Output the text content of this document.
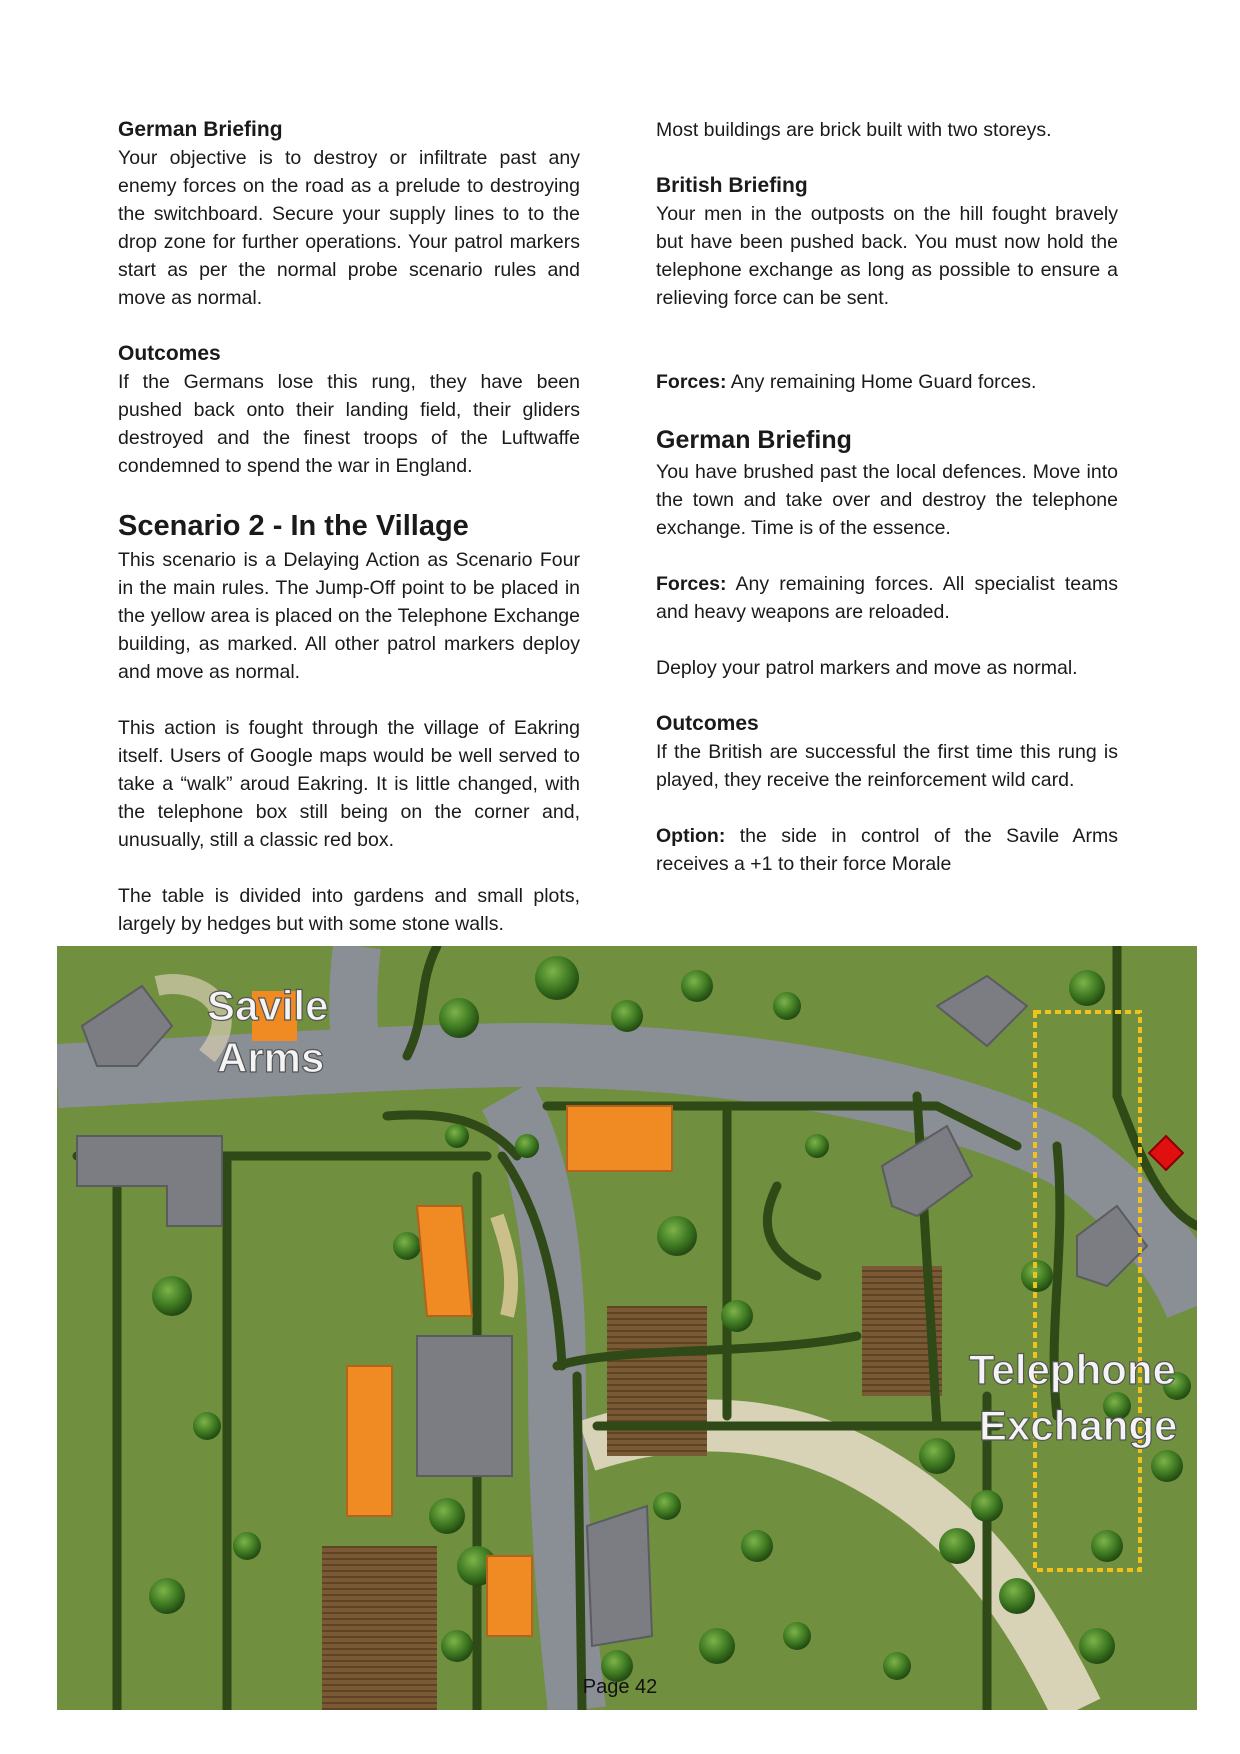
German Briefing

Your objective is to destroy or infiltrate past any enemy forces on the road as a prelude to destroying the switchboard. Secure your supply lines to to the drop zone for further operations. Your patrol markers start as per the normal probe scenario rules and move as normal.

Outcomes

If the Germans lose this rung, they have been pushed back onto their landing field, their gliders destroyed and the finest troops of the Luftwaffe condemned to spend the war in England.

Scenario 2 - In the Village

This scenario is a Delaying Action as Scenario Four in the main rules. The Jump-Off point to be placed in the yellow area is placed on the Telephone Exchange building, as marked. All other patrol markers deploy and move as normal.

This action is fought through the village of Eakring itself. Users of Google maps would be well served to take a “walk” aroud Eakring. It is little changed, with the telephone box still being on the corner and, unusually, still a classic red box.

The table is divided into gardens and small plots, largely by hedges but with some stone walls.

Most buildings are brick built with two storeys.

British Briefing

Your men in the outposts on the hill fought bravely but have been pushed back. You must now hold the telephone exchange as long as possible to ensure a relieving force can be sent.

Forces: Any remaining Home Guard forces.

German Briefing

You have brushed past the local defences. Move into the town and take over and destroy the telephone exchange. Time is of the essence.

Forces: Any remaining forces. All specialist teams and heavy weapons are reloaded.

Deploy your patrol markers and move as normal.

Outcomes

If the British are successful the first time this rung is played, they receive the reinforcement wild card.

Option: the side in control of the Savile Arms receives a +1 to their force Morale

Savile
Arms
Telephone
Exchange
Page 42
